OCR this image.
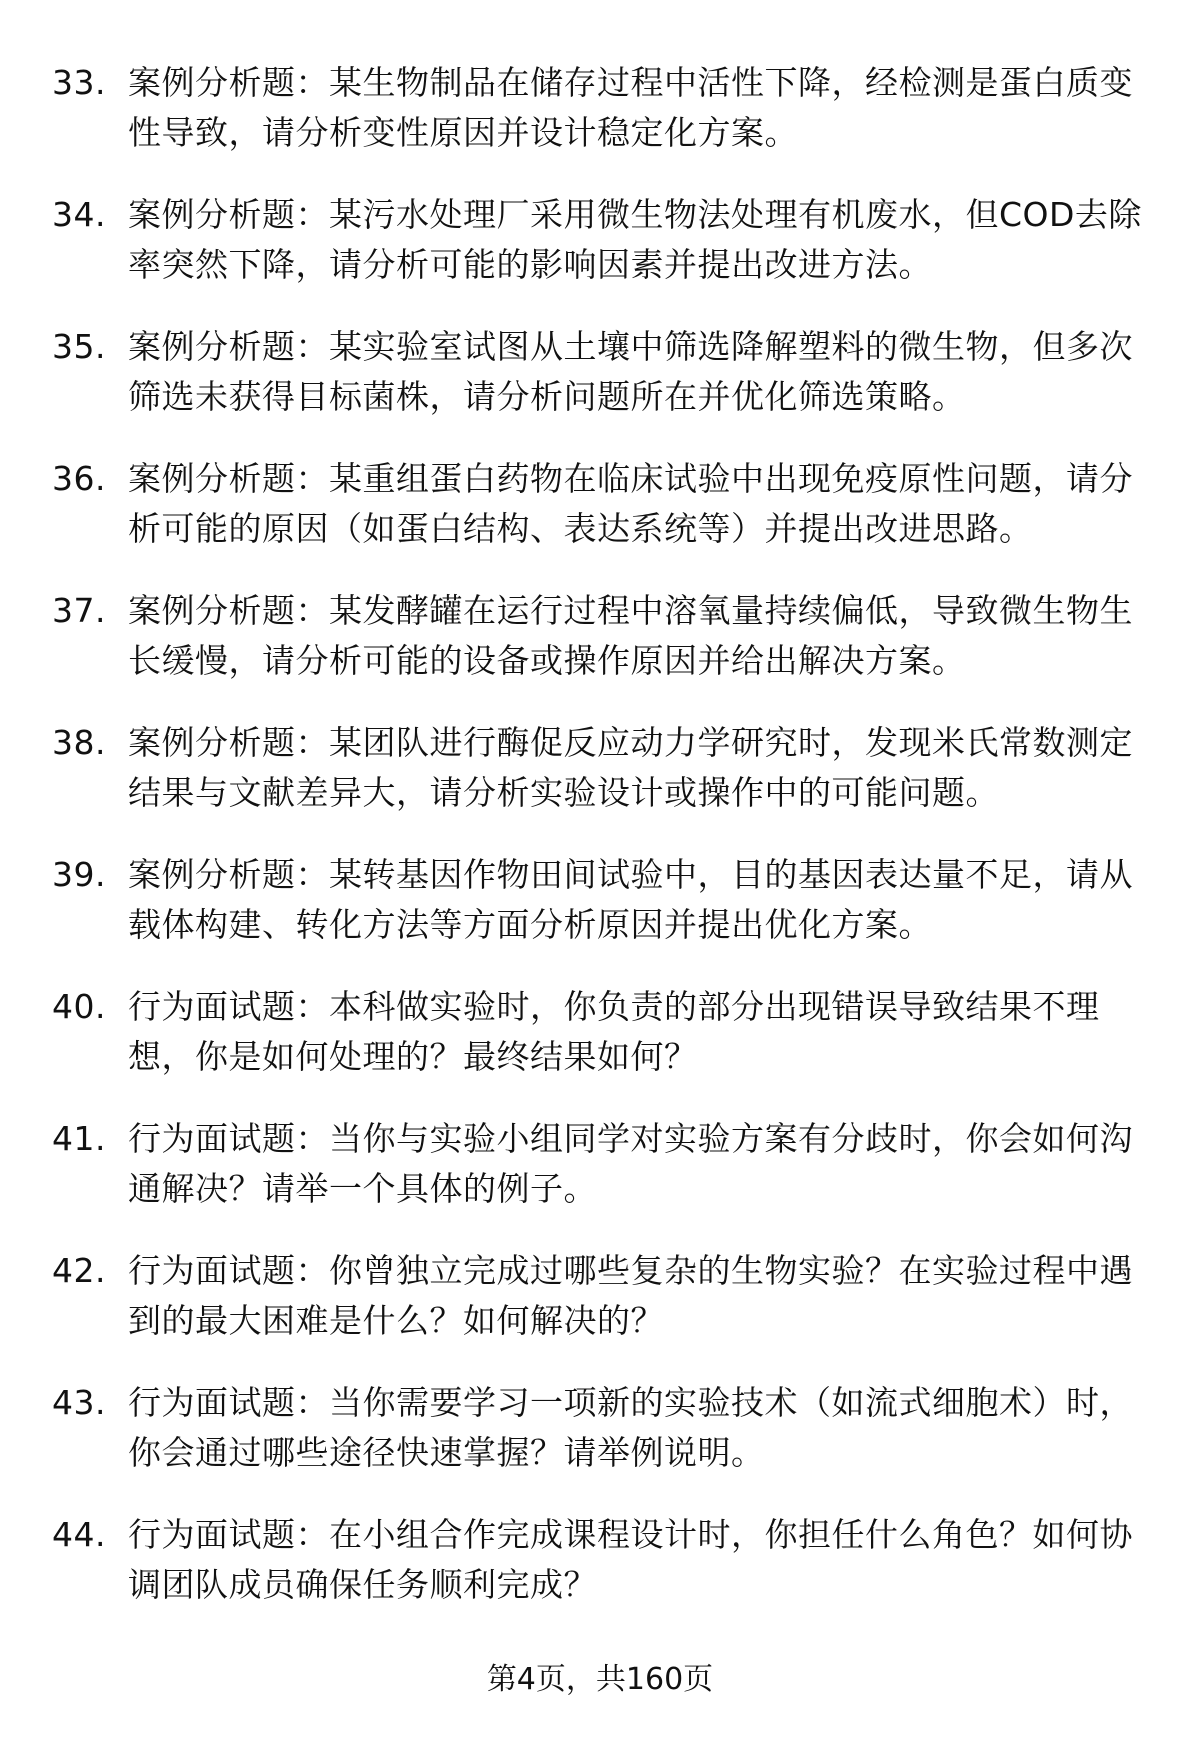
33. 案例分析题：某生物制品在储存过程中活性下降，经检测是蛋白质变性导致，请分析变性原因并设计稳定化方案。
34. 案例分析题：某污水处理厂采用微生物法处理有机废水，但COD去除率突然下降，请分析可能的影响因素并提出改进方法。
35. 案例分析题：某实验室试图从土壤中筛选降解塑料的微生物，但多次筛选未获得目标菌株，请分析问题所在并优化筛选策略。
36. 案例分析题：某重组蛋白药物在临床试验中出现免疫原性问题，请分析可能的原因（如蛋白结构、表达系统等）并提出改进思路。
37. 案例分析题：某发酵罐在运行过程中溶氧量持续偏低，导致微生物生长缓慢，请分析可能的设备或操作原因并给出解决方案。
38. 案例分析题：某团队进行酶促反应动力学研究时，发现米氏常数测定结果与文献差异大，请分析实验设计或操作中的可能问题。
39. 案例分析题：某转基因作物田间试验中，目的基因表达量不足，请从载体构建、转化方法等方面分析原因并提出优化方案。
40. 行为面试题：本科做实验时，你负责的部分出现错误导致结果不理想，你是如何处理的？最终结果如何？
41. 行为面试题：当你与实验小组同学对实验方案有分歧时，你会如何沟通解决？请举一个具体的例子。
42. 行为面试题：你曾独立完成过哪些复杂的生物实验？在实验过程中遇到的最大困难是什么？如何解决的？
43. 行为面试题：当你需要学习一项新的实验技术（如流式细胞术）时，你会通过哪些途径快速掌握？请举例说明。
44. 行为面试题：在小组合作完成课程设计时，你担任什么角色？如何协调团队成员确保任务顺利完成？
第4页，共160页
